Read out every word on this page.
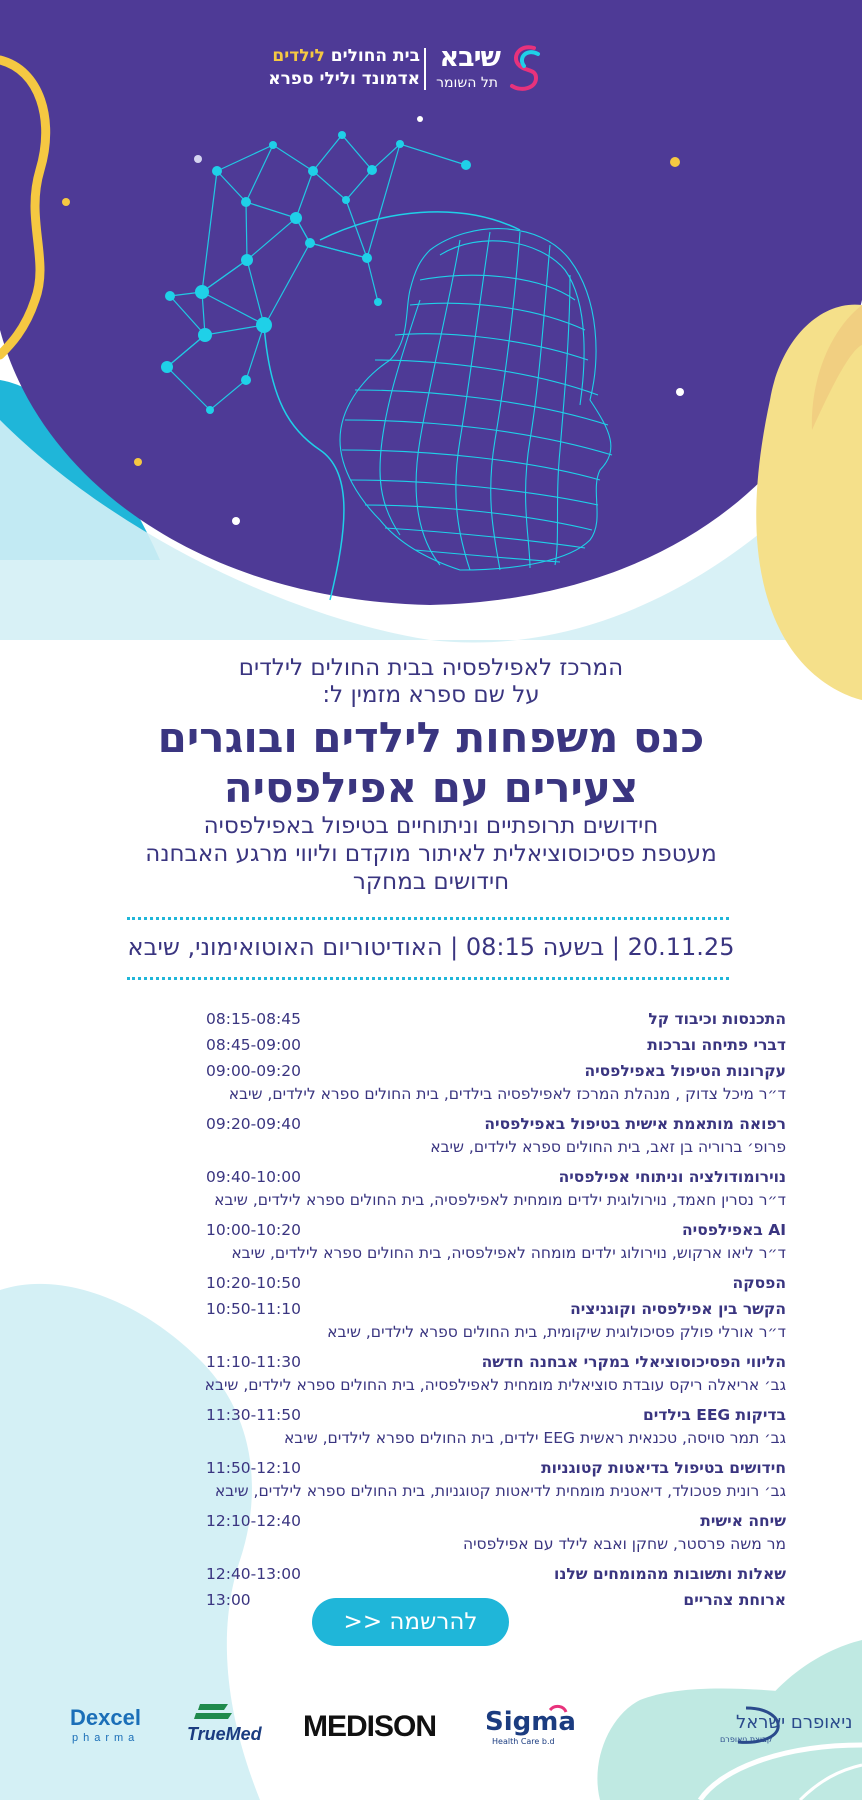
שיבא
תל השומר
בית החולים לילדים
אדמונד ולילי ספרא
המרכז לאפילפסיה בבית החולים לילדים
על שם ספרא מזמין ל:
כנס משפחות לילדים ובוגרים
צעירים עם אפילפסיה
חידושים תרופתיים וניתוחיים בטיפול באפילפסיה
מעטפת פסיכוסוציאלית לאיתור מוקדם וליווי מרגע האבחנה
חידושים במחקר
20.11.25 | בשעה 08:15 | האודיטוריום האוטואימוני, שיבא
התכנסות וכיבוד קל
08:15-08:45
דברי פתיחה וברכות
08:45-09:00
עקרונות הטיפול באפילפסיה
09:00-09:20
ד״ר מיכל צדוק , מנהלת המרכז לאפילפסיה בילדים, בית החולים ספרא לילדים, שיבא
רפואה מותאמת אישית בטיפול באפילפסיה
09:20-09:40
פרופ׳ ברוריה בן זאב, בית החולים ספרא לילדים, שיבא
נוירומודולציה וניתוחי אפילפסיה
09:40-10:00
ד״ר נסרין חאמד, נוירולוגית ילדים מומחית לאפילפסיה, בית החולים ספרא לילדים, שיבא
AI באפילפסיה
10:00-10:20
ד״ר ליאו ארקוש, נוירולוג ילדים מומחה לאפילפסיה, בית החולים ספרא לילדים, שיבא
הפסקה
10:20-10:50
הקשר בין אפילפסיה וקוגניציה
10:50-11:10
ד״ר אורלי פולק פסיכולוגית שיקומית, בית החולים ספרא לילדים, שיבא
הליווי הפסיכוסוציאלי במקרי אבחנה חדשה
11:10-11:30
גב׳ אריאלה ריקס עובדת סוציאלית מומחית לאפילפסיה, בית החולים ספרא לילדים, שיבא
בדיקות EEG בילדים
11:30-11:50
גב׳ תמר סויסה, טכנאית ראשית EEG ילדים, בית החולים ספרא לילדים, שיבא
חידושים בטיפול בדיאטות קטוגניות
11:50-12:10
גב׳ רונית פטכולד, דיאטנית מומחית לדיאטות קטוגניות, בית החולים ספרא לילדים, שיבא
שיחה אישית
12:10-12:40
מר משה פרסטר, שחקן ואבא לילד עם אפילפסיה
שאלות ותשובות מהמומחים שלנו
12:40-13:00
ארוחת צהריים
13:00
להרשמה <<
ניאופרם ישראל
קבוצת ניאופרם
Sigma
Health Care b.d
MEDISON
TrueMed
Dexcel
pharma
